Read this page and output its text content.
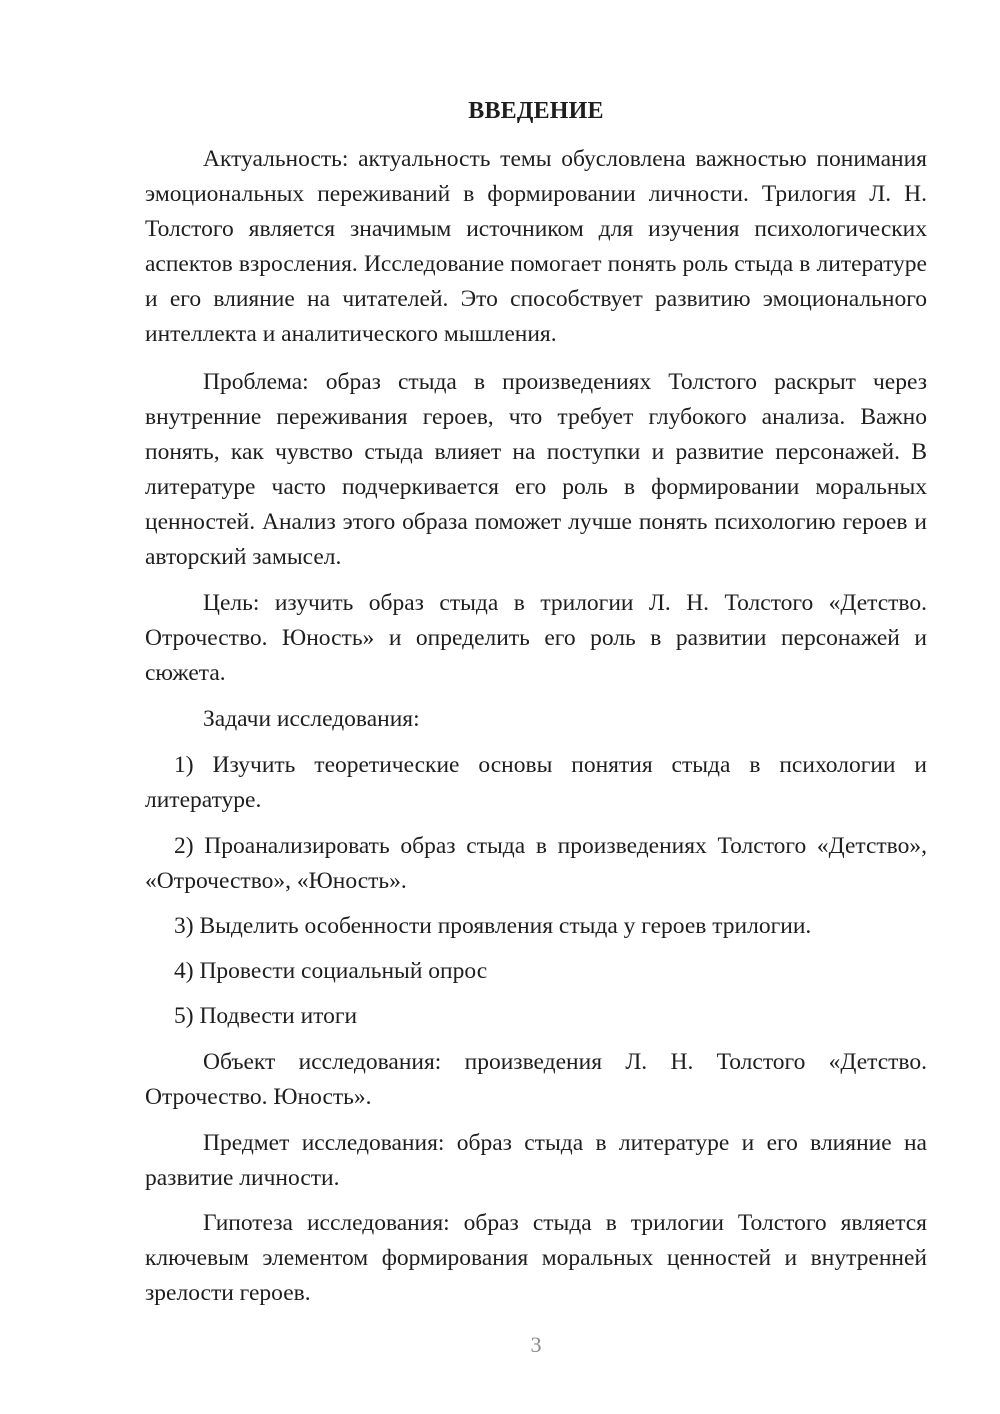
ВВЕДЕНИЕ

Актуальность: актуальность темы обусловлена важностью понимания эмоциональных переживаний в формировании личности. Трилогия Л. Н. Толстого является значимым источником для изучения психологических аспектов взросления. Исследование помогает понять роль стыда в литературе и его влияние на читателей. Это способствует развитию эмоционального интеллекта и аналитического мышления.

Проблема: образ стыда в произведениях Толстого раскрыт через внутренние переживания героев, что требует глубокого анализа. Важно понять, как чувство стыда влияет на поступки и развитие персонажей. В литературе часто подчеркивается его роль в формировании моральных ценностей. Анализ этого образа поможет лучше понять психологию героев и авторский замысел.

Цель: изучить образ стыда в трилогии Л. Н. Толстого «Детство. Отрочество. Юность» и определить его роль в развитии персонажей и сюжета.

Задачи исследования:

1) Изучить теоретические основы понятия стыда в психологии и литературе.

2) Проанализировать образ стыда в произведениях Толстого «Детство», «Отрочество», «Юность».

3) Выделить особенности проявления стыда у героев трилогии.

4) Провести социальный опрос

5) Подвести итоги

Объект исследования: произведения Л. Н. Толстого «Детство. Отрочество. Юность».

Предмет исследования: образ стыда в литературе и его влияние на развитие личности.

Гипотеза исследования: образ стыда в трилогии Толстого является ключевым элементом формирования моральных ценностей и внутренней зрелости героев.

3
